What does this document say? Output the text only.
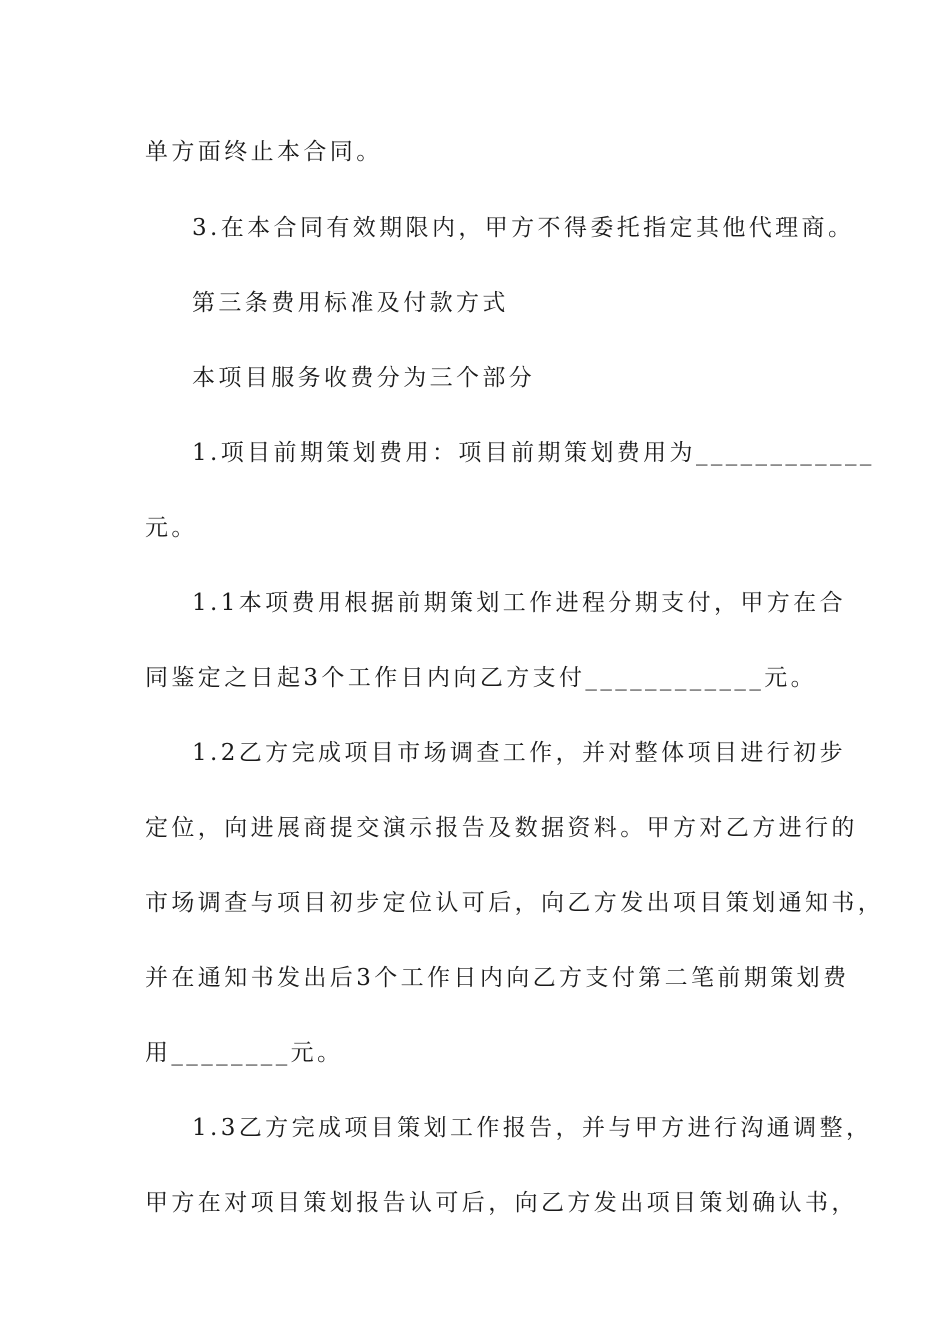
单方面终止本合同。
3.在本合同有效期限内，甲方不得委托指定其他代理商。
第三条费用标准及付款方式
本项目服务收费分为三个部分
1.项目前期策划费用：项目前期策划费用为____________
元。
1.1本项费用根据前期策划工作进程分期支付，甲方在合
同鉴定之日起3个工作日内向乙方支付____________元。
1.2乙方完成项目市场调查工作，并对整体项目进行初步
定位，向进展商提交演示报告及数据资料。甲方对乙方进行的
市场调查与项目初步定位认可后，向乙方发出项目策划通知书，
并在通知书发出后3个工作日内向乙方支付第二笔前期策划费
用________元。
1.3乙方完成项目策划工作报告，并与甲方进行沟通调整，
甲方在对项目策划报告认可后，向乙方发出项目策划确认书，
